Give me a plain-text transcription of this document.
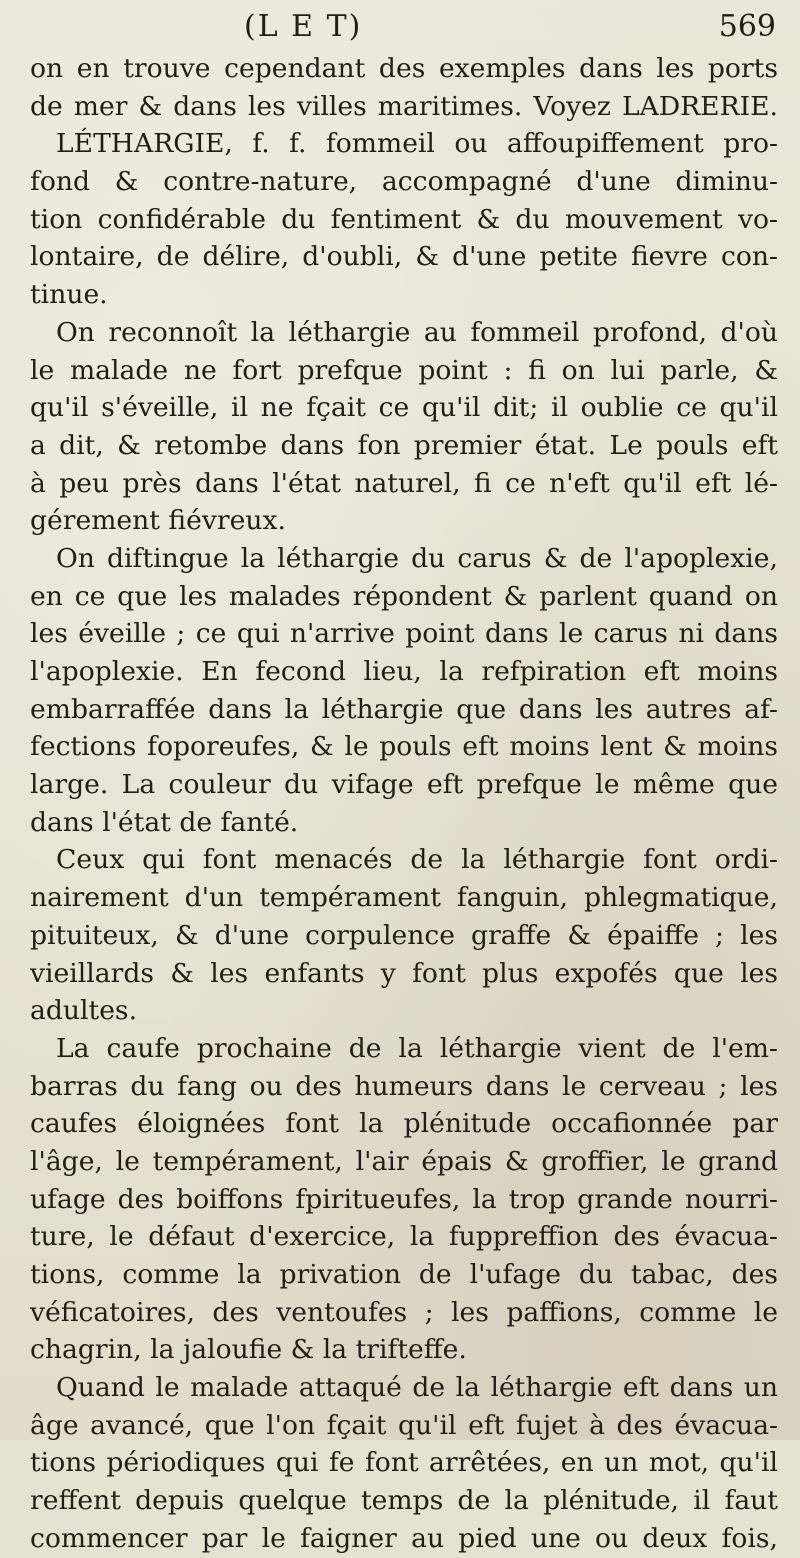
(L E T)	569
on en trouve cependant des exemples dans les ports
de mer & dans les villes maritimes. Voyez LADRERIE.
LÉTHARGIE, f. f. fommeil ou affoupiffement pro-
fond & contre-nature, accompagné d'une diminu-
tion confidérable du fentiment & du mouvement vo-
lontaire, de délire, d'oubli, & d'une petite fievre con-
tinue.
On reconnoît la léthargie au fommeil profond, d'où
le malade ne fort prefque point : fi on lui parle, &
qu'il s'éveille, il ne fçait ce qu'il dit; il oublie ce qu'il
a dit, & retombe dans fon premier état. Le pouls eft
à peu près dans l'état naturel, fi ce n'eft qu'il eft lé-
gérement fiévreux.
On diftingue la léthargie du carus & de l'apoplexie,
en ce que les malades répondent & parlent quand on
les éveille ; ce qui n'arrive point dans le carus ni dans
l'apoplexie. En fecond lieu, la refpiration eft moins
embarraffée dans la léthargie que dans les autres af-
fections foporeufes, & le pouls eft moins lent & moins
large. La couleur du vifage eft prefque le même que
dans l'état de fanté.
Ceux qui font menacés de la léthargie font ordi-
nairement d'un tempérament fanguin, phlegmatique,
pituiteux, & d'une corpulence graffe & épaiffe ; les
vieillards & les enfants y font plus expofés que les
adultes.
La caufe prochaine de la léthargie vient de l'em-
barras du fang ou des humeurs dans le cerveau ; les
caufes éloignées font la plénitude occafionnée par
l'âge, le tempérament, l'air épais & groffier, le grand
ufage des boiffons fpiritueufes, la trop grande nourri-
ture, le défaut d'exercice, la fuppreffion des évacua-
tions, comme la privation de l'ufage du tabac, des
véficatoires, des ventoufes ; les paffions, comme le
chagrin, la jaloufie & la trifteffe.
Quand le malade attaqué de la léthargie eft dans un
âge avancé, que l'on fçait qu'il eft fujet à des évacua-
tions périodiques qui fe font arrêtées, en un mot, qu'il
reffent depuis quelque temps de la plénitude, il faut
commencer par le faigner au pied une ou deux fois,
